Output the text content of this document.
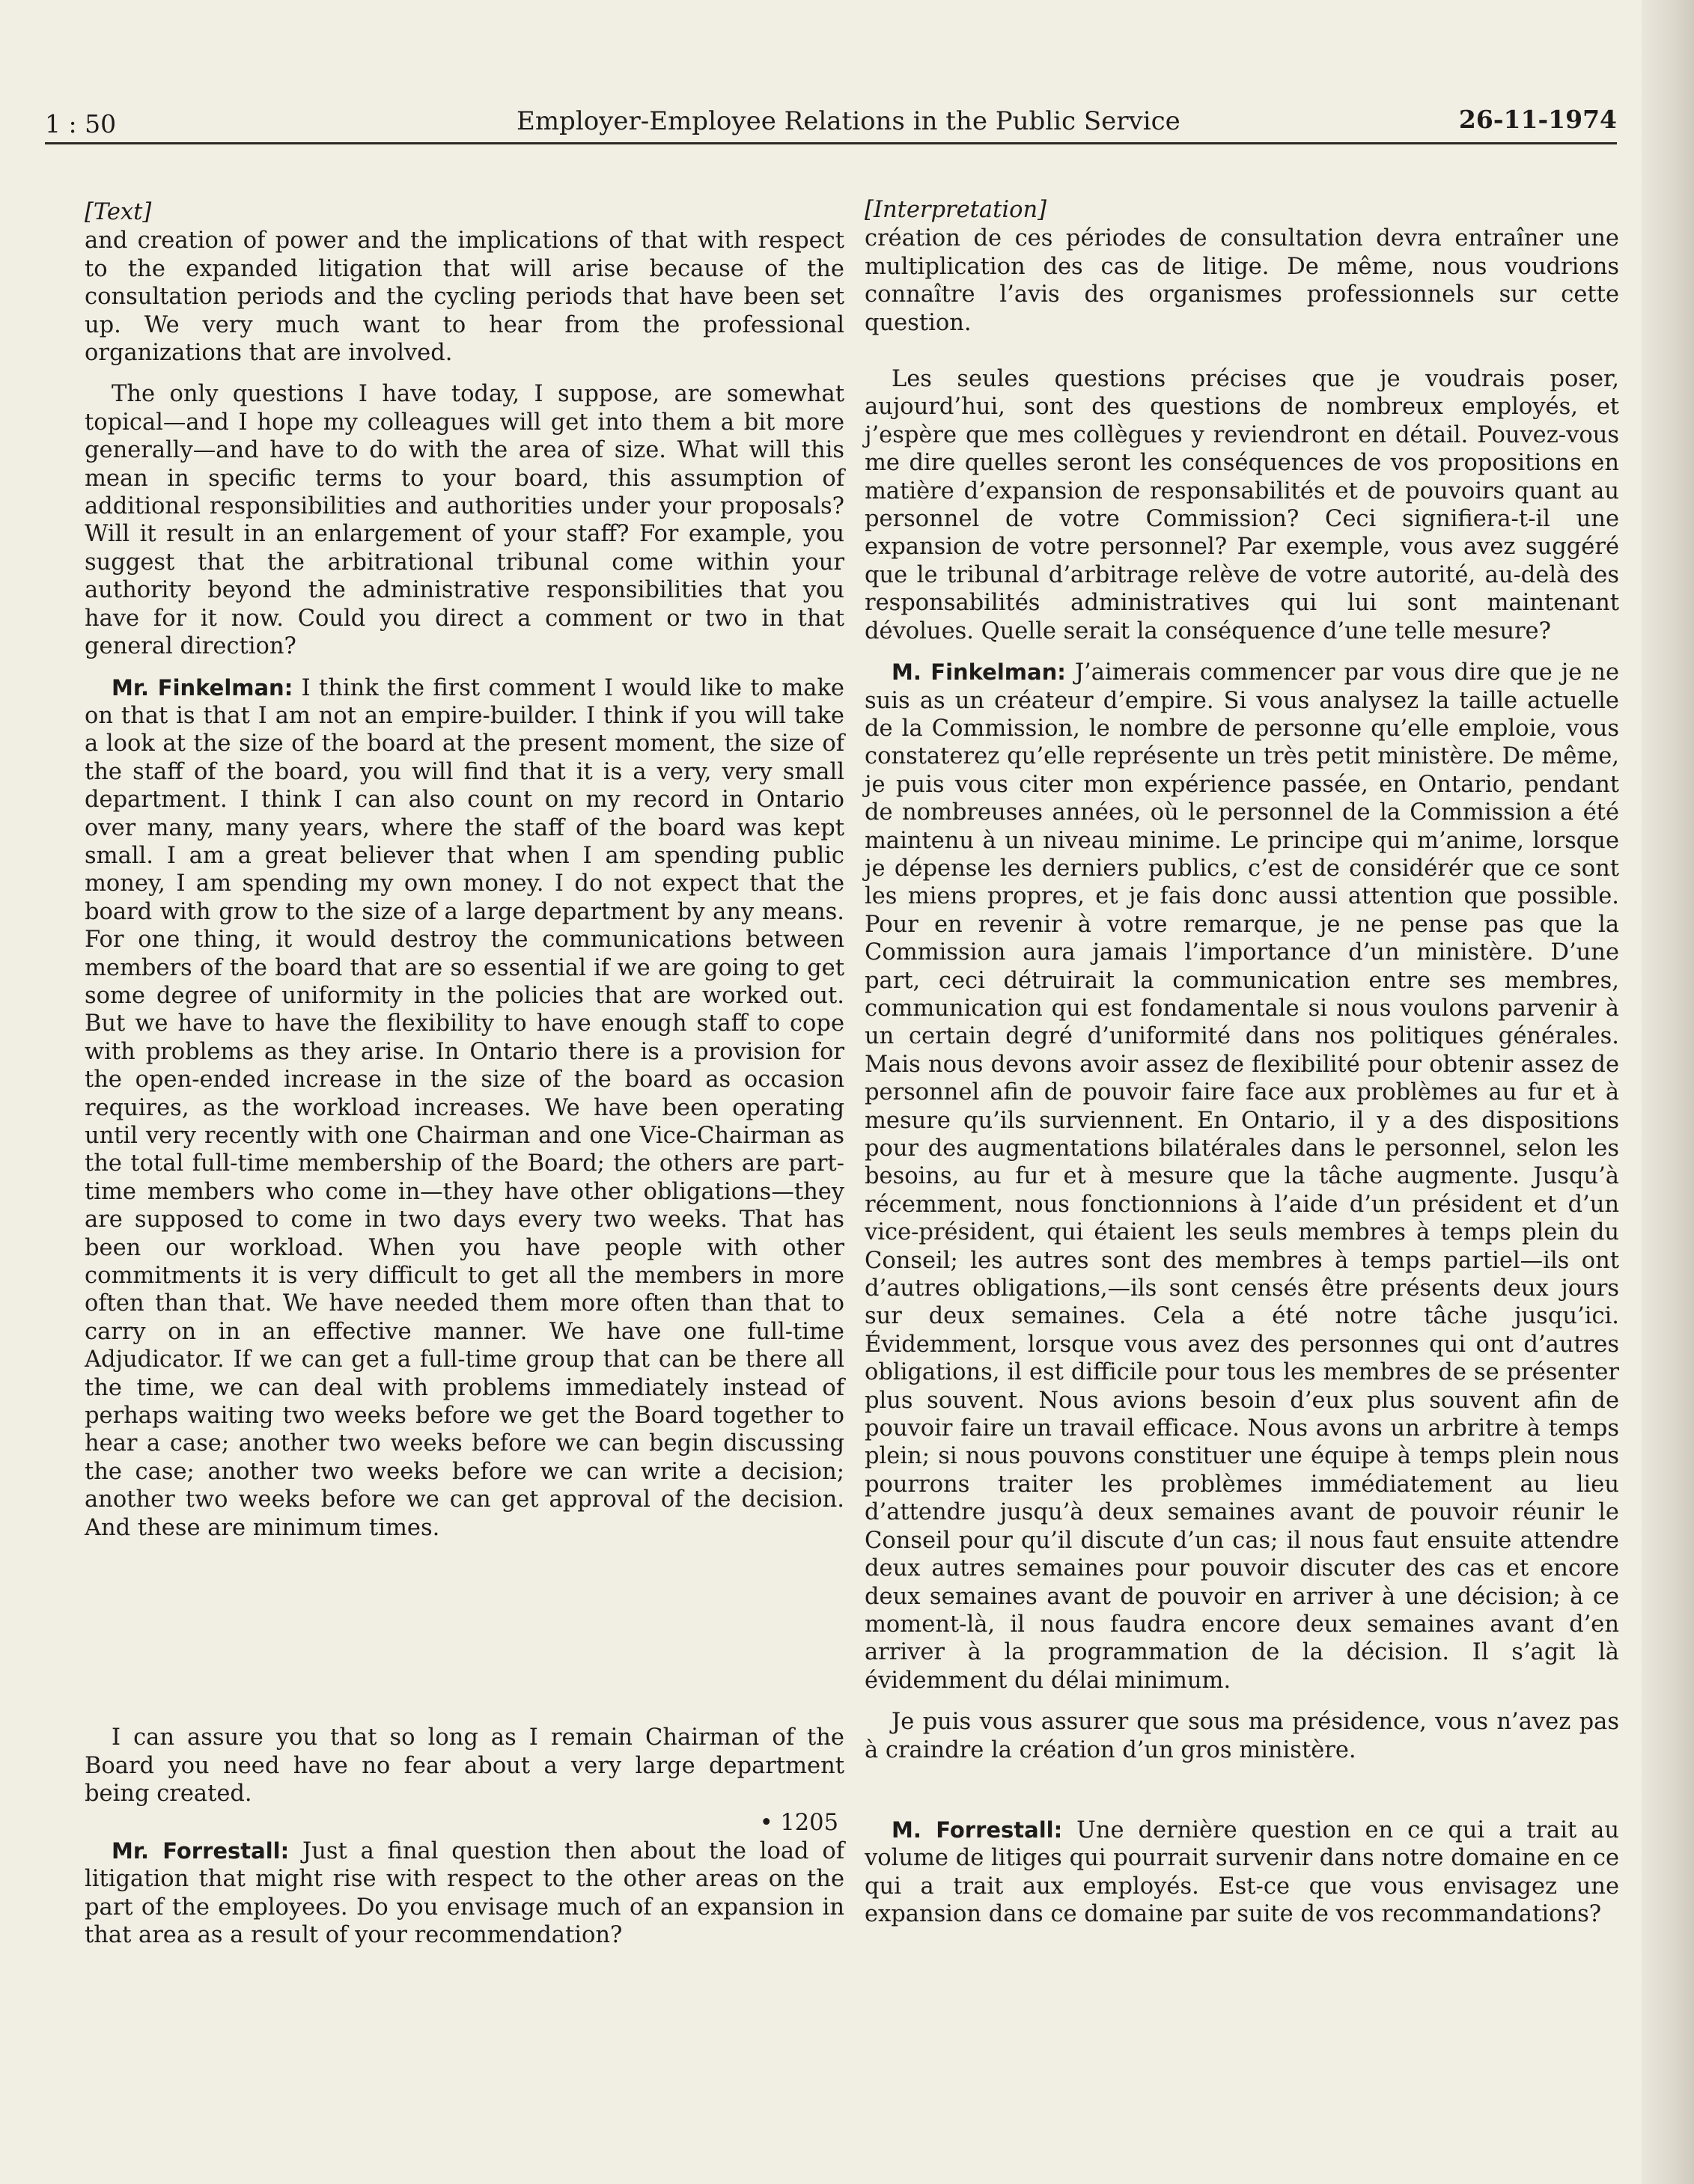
1 : 50	Employer-Employee Relations in the Public Service	26-11-1974

[Text]

and creation of power and the implications of that with respect to the expanded litigation that will arise because of the consultation periods and the cycling periods that have been set up. We very much want to hear from the professional organizations that are involved.

The only questions I have today, I suppose, are somewhat topical—and I hope my colleagues will get into them a bit more generally—and have to do with the area of size. What will this mean in specific terms to your board, this assumption of additional responsibilities and authorities under your proposals? Will it result in an enlargement of your staff? For example, you suggest that the arbitrational tribunal come within your authority beyond the administrative responsibilities that you have for it now. Could you direct a comment or two in that general direction?

Mr. Finkelman: I think the first comment I would like to make on that is that I am not an empire-builder. I think if you will take a look at the size of the board at the present moment, the size of the staff of the board, you will find that it is a very, very small department. I think I can also count on my record in Ontario over many, many years, where the staff of the board was kept small. I am a great believer that when I am spending public money, I am spending my own money. I do not expect that the board with grow to the size of a large department by any means. For one thing, it would destroy the communications between members of the board that are so essential if we are going to get some degree of uniformity in the policies that are worked out. But we have to have the flexibility to have enough staff to cope with problems as they arise. In Ontario there is a provision for the open-ended increase in the size of the board as occasion requires, as the workload increases. We have been operating until very recently with one Chairman and one Vice-Chairman as the total full-time membership of the Board; the others are part-time members who come in—they have other obligations—they are supposed to come in two days every two weeks. That has been our workload. When you have people with other commitments it is very difficult to get all the members in more often than that. We have needed them more often than that to carry on in an effective manner. We have one full-time Adjudicator. If we can get a full-time group that can be there all the time, we can deal with problems immediately instead of perhaps waiting two weeks before we get the Board together to hear a case; another two weeks before we can begin discussing the case; another two weeks before we can write a decision; another two weeks before we can get approval of the decision. And these are minimum times.

I can assure you that so long as I remain Chairman of the Board you need have no fear about a very large department being created.

• 1205

Mr. Forrestall: Just a final question then about the load of litigation that might rise with respect to the other areas on the part of the employees. Do you envisage much of an expansion in that area as a result of your recommendation?

[Interpretation]

création de ces périodes de consultation devra entraîner une multiplication des cas de litige. De même, nous voudrions connaître l’avis des organismes professionnels sur cette question.

Les seules questions précises que je voudrais poser, aujourd’hui, sont des questions de nombreux employés, et j’espère que mes collègues y reviendront en détail. Pouvez-vous me dire quelles seront les conséquences de vos propositions en matière d’expansion de responsabilités et de pouvoirs quant au personnel de votre Commission? Ceci signifiera-t-il une expansion de votre personnel? Par exemple, vous avez suggéré que le tribunal d’arbitrage relève de votre autorité, au-delà des responsabilités administratives qui lui sont maintenant dévolues. Quelle serait la conséquence d’une telle mesure?

M. Finkelman: J’aimerais commencer par vous dire que je ne suis as un créateur d’empire. Si vous analysez la taille actuelle de la Commission, le nombre de personne qu’elle emploie, vous constaterez qu’elle représente un très petit ministère. De même, je puis vous citer mon expérience passée, en Ontario, pendant de nombreuses années, où le personnel de la Commission a été maintenu à un niveau minime. Le principe qui m’anime, lorsque je dépense les derniers publics, c’est de considérér que ce sont les miens propres, et je fais donc aussi attention que possible. Pour en revenir à votre remarque, je ne pense pas que la Commission aura jamais l’importance d’un ministère. D’une part, ceci détruirait la communication entre ses membres, communication qui est fondamentale si nous voulons parvenir à un certain degré d’uniformité dans nos politiques générales. Mais nous devons avoir assez de flexibilité pour obtenir assez de personnel afin de pouvoir faire face aux problèmes au fur et à mesure qu’ils surviennent. En Ontario, il y a des dispositions pour des augmentations bilatérales dans le personnel, selon les besoins, au fur et à mesure que la tâche augmente. Jusqu’à récemment, nous fonctionnions à l’aide d’un président et d’un vice-président, qui étaient les seuls membres à temps plein du Conseil; les autres sont des membres à temps partiel—ils ont d’autres obligations,—ils sont censés être présents deux jours sur deux semaines. Cela a été notre tâche jusqu’ici. Évidemment, lorsque vous avez des personnes qui ont d’autres obligations, il est difficile pour tous les membres de se présenter plus souvent. Nous avions besoin d’eux plus souvent afin de pouvoir faire un travail efficace. Nous avons un arbritre à temps plein; si nous pouvons constituer une équipe à temps plein nous pourrons traiter les problèmes immédiatement au lieu d’attendre jusqu’à deux semaines avant de pouvoir réunir le Conseil pour qu’il discute d’un cas; il nous faut ensuite attendre deux autres semaines pour pouvoir discuter des cas et encore deux semaines avant de pouvoir en arriver à une décision; à ce moment-là, il nous faudra encore deux semaines avant d’en arriver à la programmation de la décision. Il s’agit là évidemment du délai minimum.

Je puis vous assurer que sous ma présidence, vous n’avez pas à craindre la création d’un gros ministère.

M. Forrestall: Une dernière question en ce qui a trait au volume de litiges qui pourrait survenir dans notre domaine en ce qui a trait aux employés. Est-ce que vous envisagez une expansion dans ce domaine par suite de vos recommandations?
